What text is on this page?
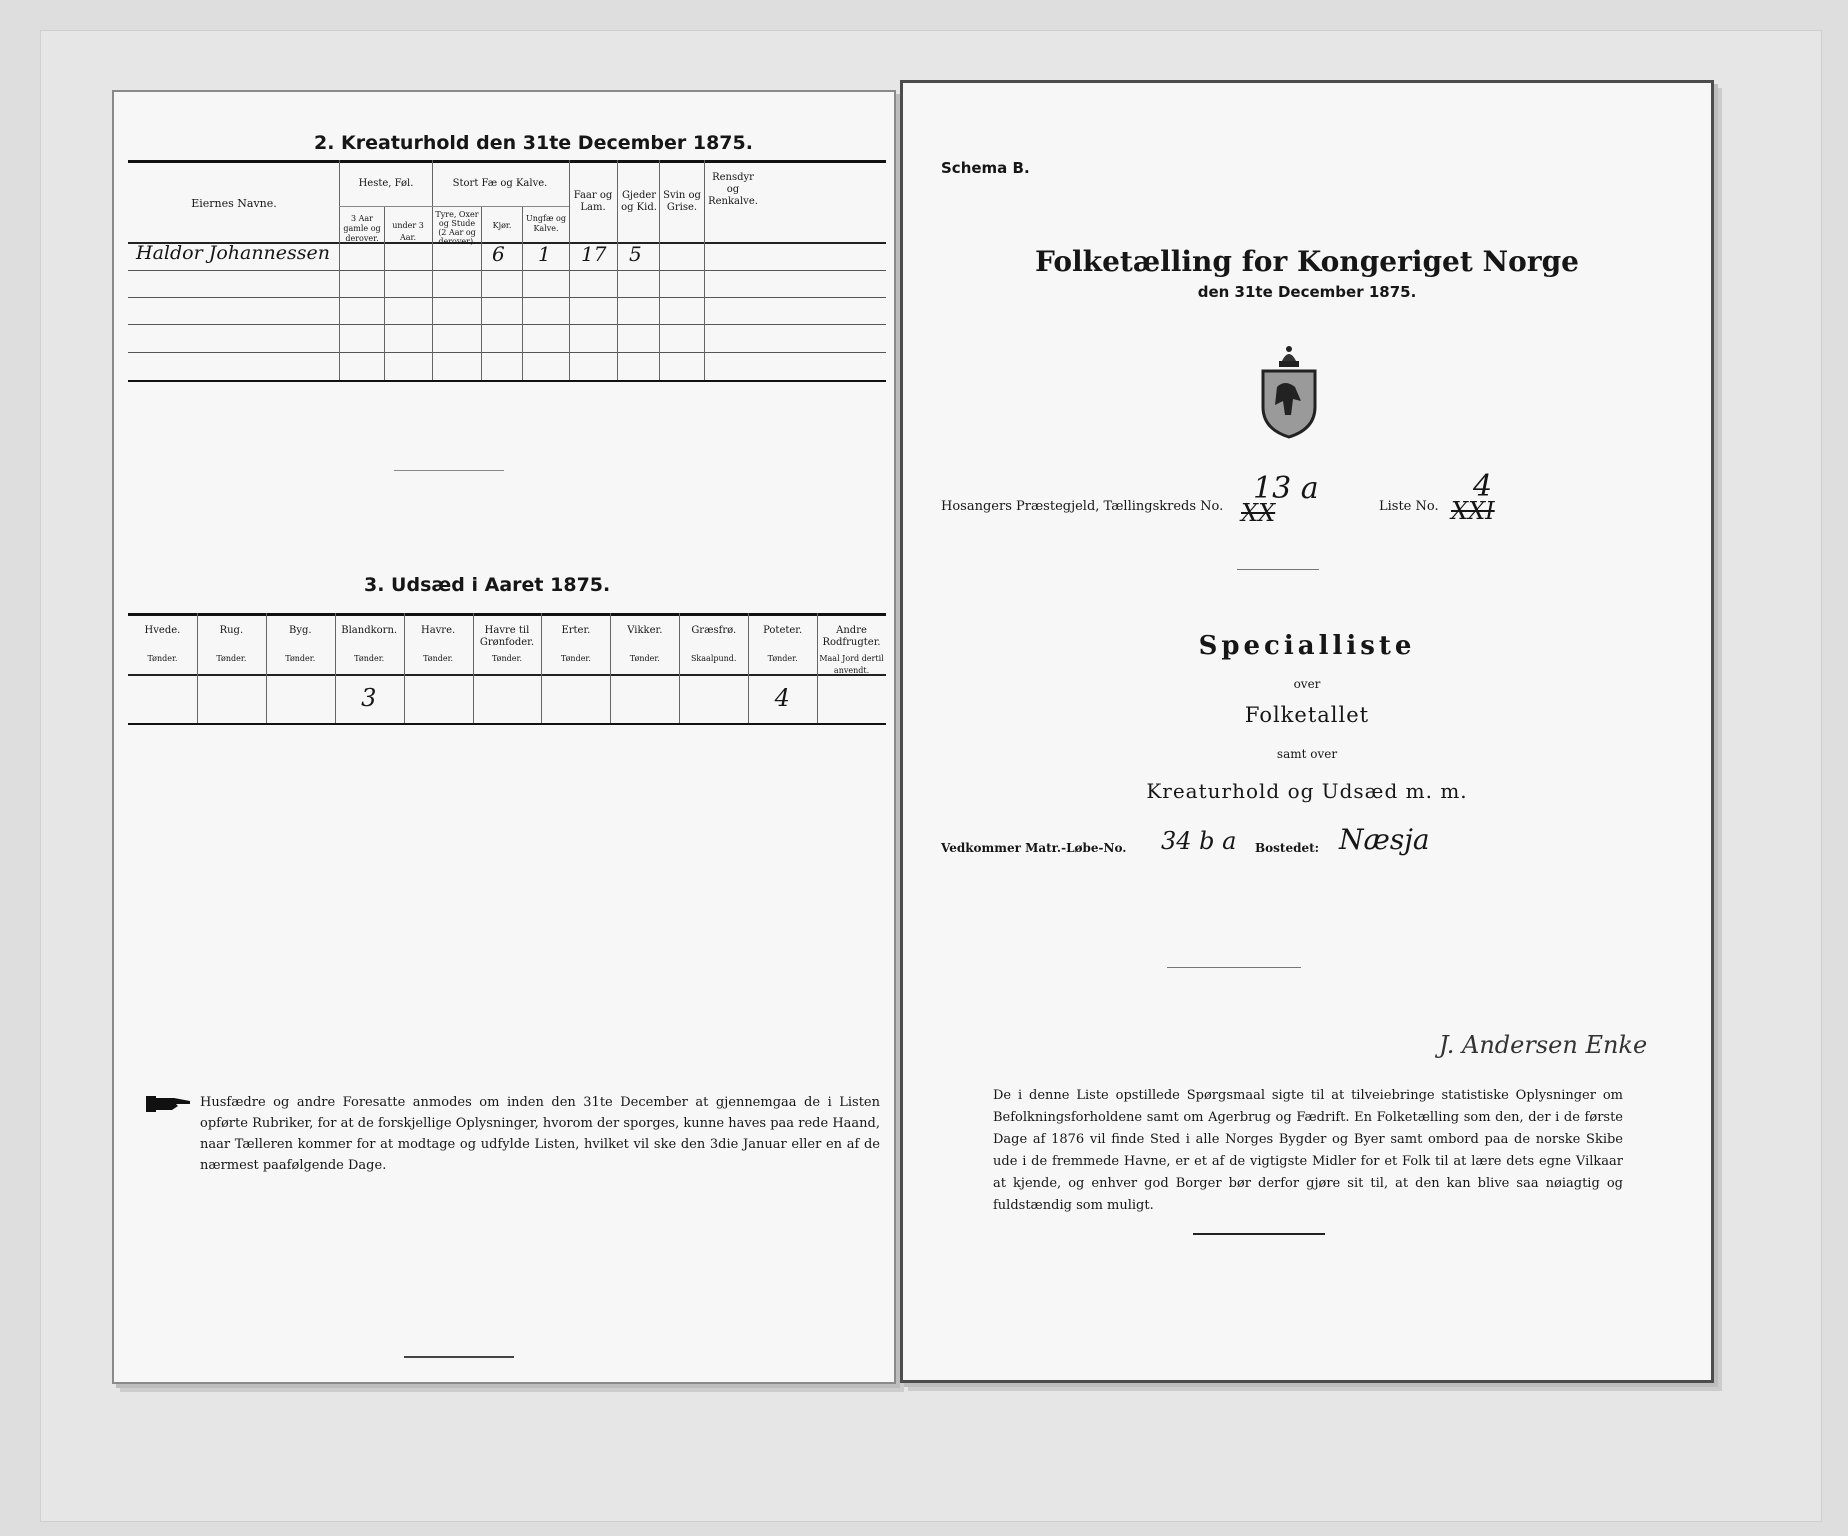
2. Kreaturhold den 31te December 1875.
Eiernes Navne.
Heste, Føl.
3 Aar gamle og derover.
under 3 Aar.
Stort Fæ og Kalve.
Tyre, Oxer og Stude (2 Aar og derover).
Kjør.
Ungfæ og Kalve.
Faar og Lam.
Gjeder og Kid.
Svin og Grise.
Rensdyr og Renkalve.
Haldor Johannessen	6 1 17 5
3. Udsæd i Aaret 1875.
Husfædre og andre Foresatte anmodes om inden den 31te December at gjennemgaa de i Listen opførte Rubriker, for at de forskjellige Oplysninger, hvorom der sporges, kunne haves paa rede Haand, naar Tælleren kommer for at modtage og udfylde Listen, hvilket vil ske den 3die Januar eller en af de nærmest paafølgende Dage.
Hvede.
Tønder.
Rug.
Tønder.
Byg.
Tønder.
Blandkorn.
Tønder.
3
Havre.
Tønder.
Havre til Grønfoder.
Tønder.
Erter.
Tønder.
Vikker.
Tønder.
Græsfrø.
Skaalpund.
Poteter.
Tønder.
4
Andre Rodfrugter.
Maal Jord dertil anvendt.
Schema B.
Folketælling for Kongeriget Norge
den 31te December 1875.
Hosangers Præstegjeld, Tællingskreds No.
13 a
XX	Liste No.
4
XXI
Specialliste
over
Folketallet
samt over
Kreaturhold og Udsæd m. m.
Vedkommer Matr.-Løbe-No. 34 b a Bostedet: Næsja
J. Andersen Enke
De i denne Liste opstillede Spørgsmaal sigte til at tilveiebringe statistiske Oplysninger om Befolkningsforholdene samt om Agerbrug og Fædrift. En Folketælling som den, der i de første Dage af 1876 vil finde Sted i alle Norges Bygder og Byer samt ombord paa de norske Skibe ude i de fremmede Havne, er et af de vigtigste Midler for et Folk til at lære dets egne Vilkaar at kjende, og enhver god Borger bør derfor gjøre sit til, at den kan blive saa nøiagtig og fuldstændig som muligt.
